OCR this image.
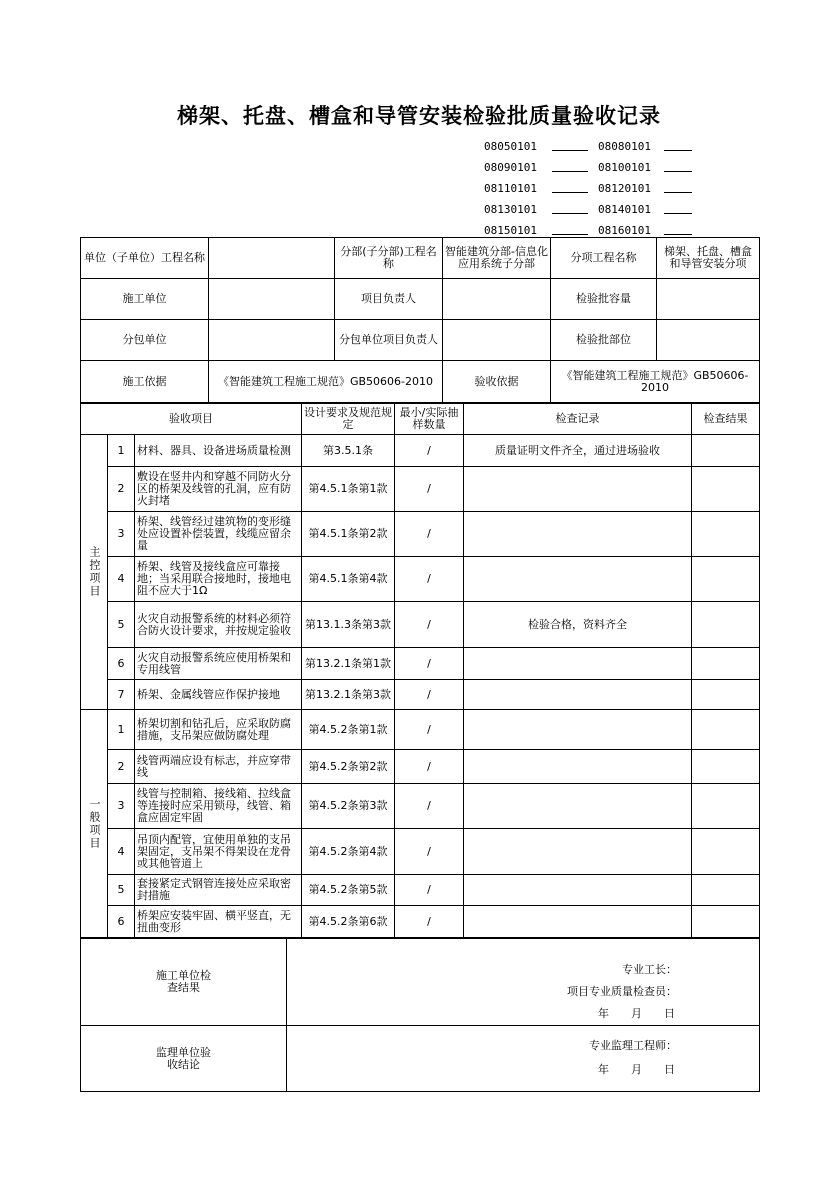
梯架、托盘、槽盒和导管安装检验批质量验收记录
08050101	08080101
08090101	08100101
08110101	08120101
08130101	08140101
08150101	08160101
单位（子单位）工程名称		分部(子分部)工程名称	智能建筑分部-信息化应用系统子分部	分项工程名称	梯架、托盘、槽盒和导管安装分项
施工单位		项目负责人		检验批容量	
分包单位		分包单位项目负责人		检验批部位	
施工依据	《智能建筑工程施工规范》GB50606-2010		验收依据	《智能建筑工程施工规范》GB50606-2010	
验收项目			设计要求及规范规定	最小/实际抽样数量	检查记录	检查结果
主控项目	1	材料、器具、设备进场质量检测	第3.5.1条	/	质量证明文件齐全，通过进场验收	
	2	敷设在竖井内和穿越不同防火分区的桥架及线管的孔洞，应有防火封堵	第4.5.1条第1款	/		
	3	桥架、线管经过建筑物的变形缝处应设置补偿装置，线缆应留余量	第4.5.1条第2款	/		
	4	桥架、线管及接线盒应可靠接地；当采用联合接地时，接地电阻不应大于1Ω	第4.5.1条第4款	/		
	5	火灾自动报警系统的材料必须符合防火设计要求，并按规定验收	第13.1.3条第3款	/	检验合格，资料齐全	
	6	火灾自动报警系统应使用桥架和专用线管	第13.2.1条第1款	/		
	7	桥架、金属线管应作保护接地	第13.2.1条第3款	/		
一般项目	1	桥架切割和钻孔后，应采取防腐措施，支吊架应做防腐处理	第4.5.2条第1款	/		
	2	线管两端应设有标志，并应穿带线	第4.5.2条第2款	/		
	3	线管与控制箱、接线箱、拉线盒等连接时应采用锁母，线管、箱盒应固定牢固	第4.5.2条第3款	/		
	4	吊顶内配管，宜使用单独的支吊架固定，支吊架不得架设在龙骨或其他管道上	第4.5.2条第4款	/		
	5	套接紧定式钢管连接处应采取密封措施	第4.5.2条第5款	/		
	6	桥架应安装牢固、横平竖直，无扭曲变形	第4.5.2条第6款	/		
施工单位检查结果	专业工长：
项目专业质量检查员：
年　　月　　日

监理单位验收结论	专业监理工程师：
年　　月　　日
